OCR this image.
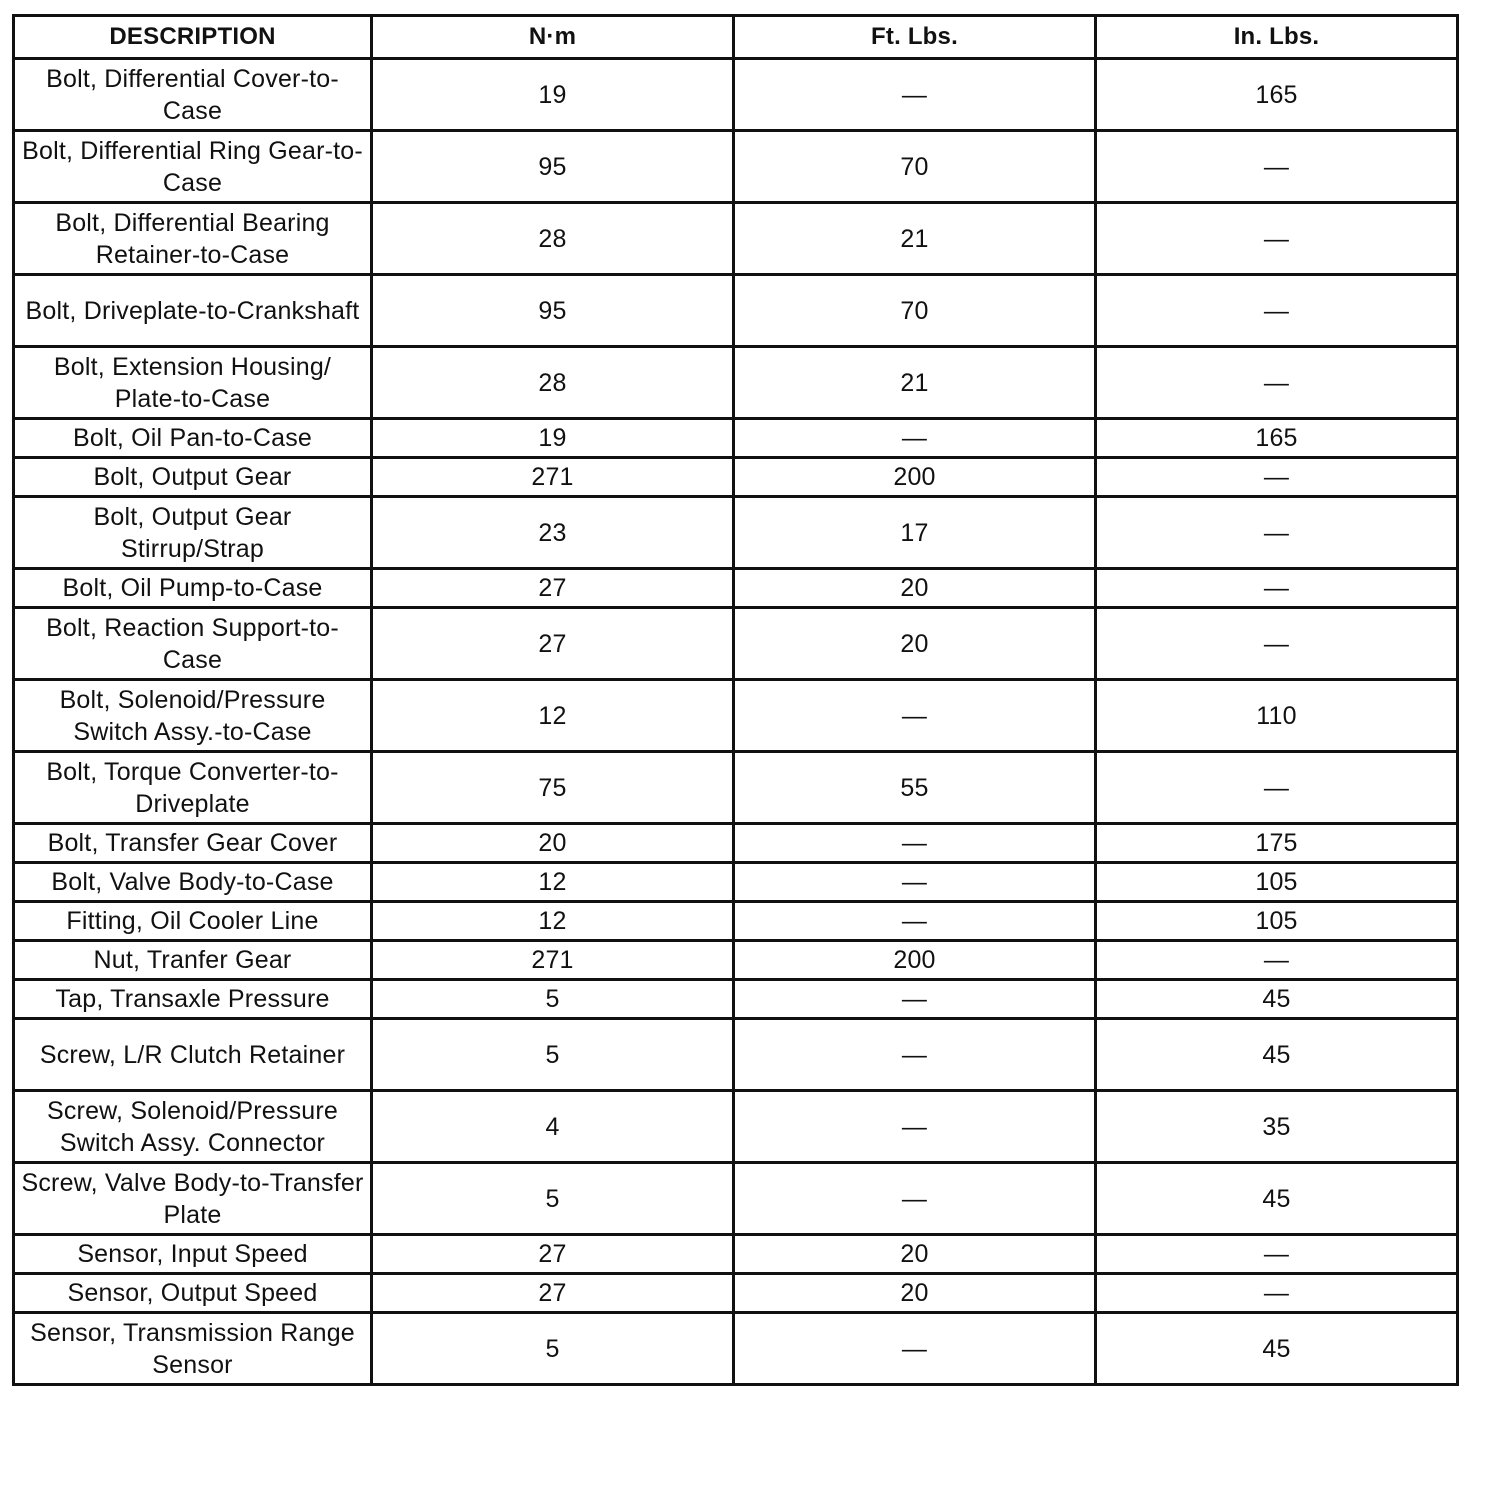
DESCRIPTION	N·m	Ft. Lbs.	In. Lbs.
Bolt, Differential Cover-to-Case	19	—	165
Bolt, Differential Ring Gear-to-Case	95	70	—
Bolt, Differential Bearing Retainer-to-Case	28	21	—
Bolt, Driveplate-to-Crankshaft	95	70	—
Bolt, Extension Housing/ Plate-to-Case	28	21	—
Bolt, Oil Pan-to-Case	19	—	165
Bolt, Output Gear	271	200	—
Bolt, Output Gear Stirrup/Strap	23	17	—
Bolt, Oil Pump-to-Case	27	20	—
Bolt, Reaction Support-to-Case	27	20	—
Bolt, Solenoid/Pressure Switch Assy.-to-Case	12	—	110
Bolt, Torque Converter-to-Driveplate	75	55	—
Bolt, Transfer Gear Cover	20	—	175
Bolt, Valve Body-to-Case	12	—	105
Fitting, Oil Cooler Line	12	—	105
Nut, Tranfer Gear	271	200	—
Tap, Transaxle Pressure	5	—	45
Screw, L/R Clutch Retainer	5	—	45
Screw, Solenoid/Pressure Switch Assy. Connector	4	—	35
Screw, Valve Body-to-Transfer Plate	5	—	45
Sensor, Input Speed	27	20	—
Sensor, Output Speed	27	20	—
Sensor, Transmission Range Sensor	5	—	45
